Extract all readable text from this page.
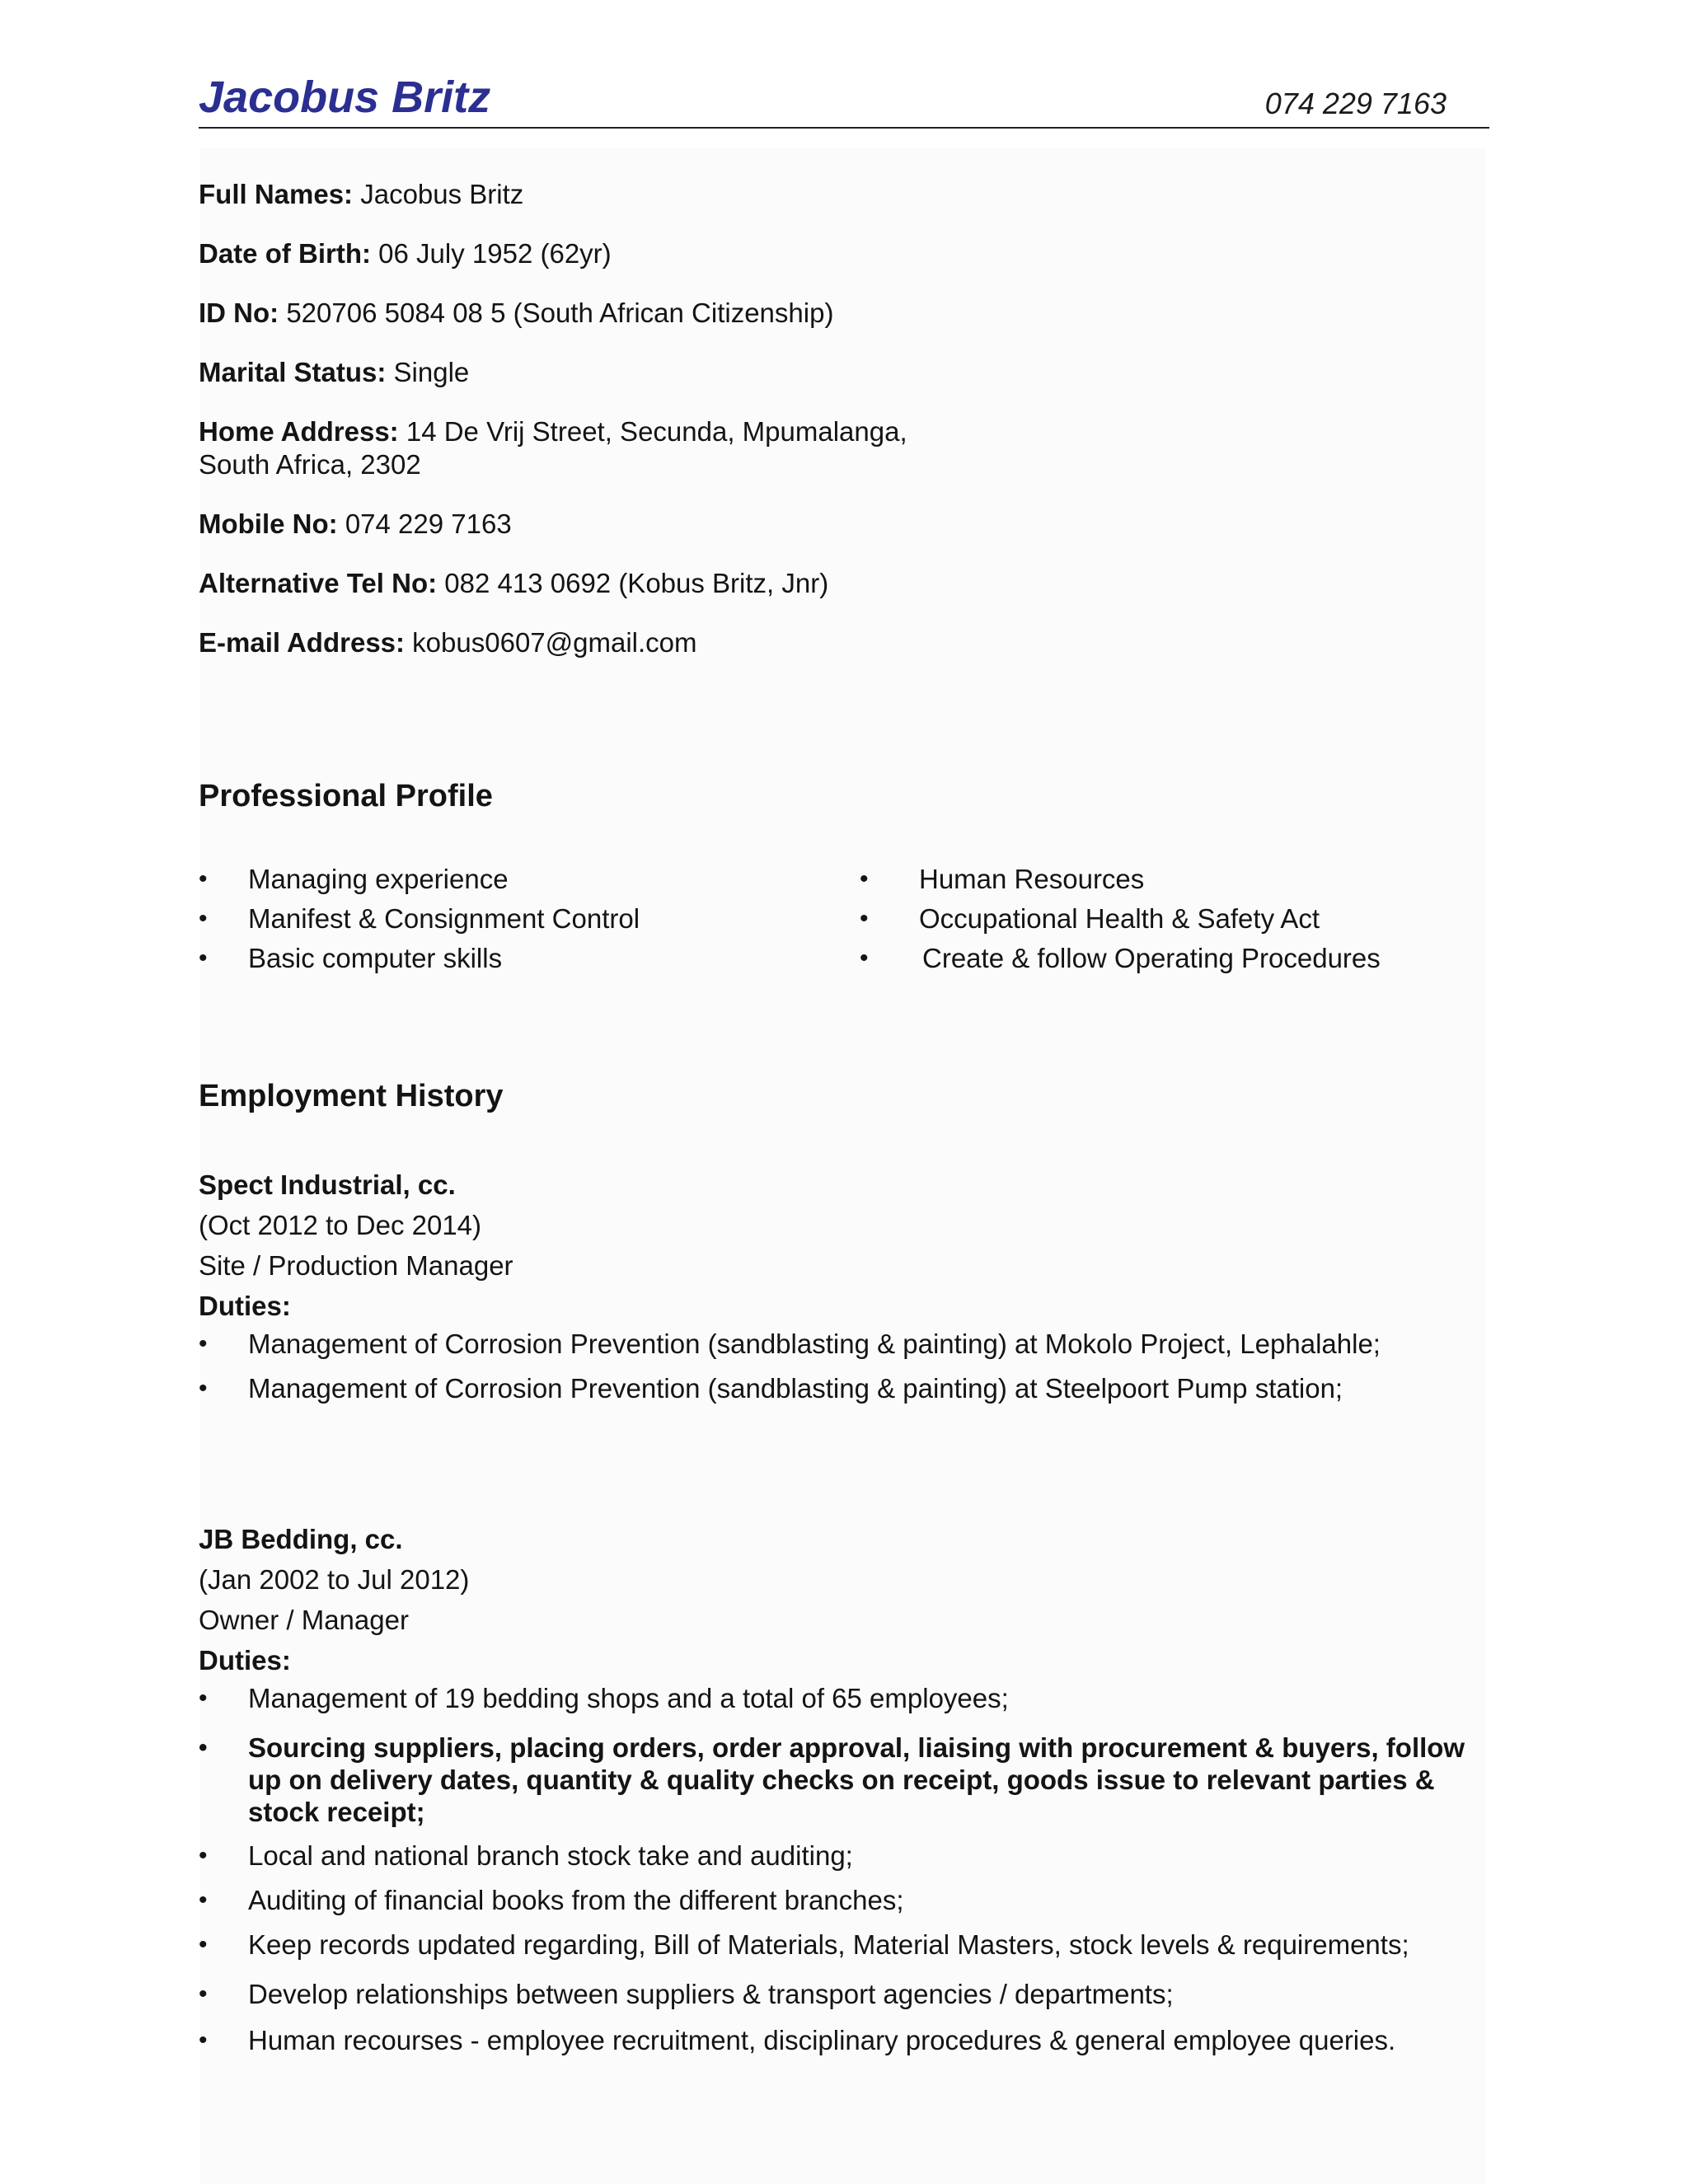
Jacobus Britz	074 229 7163
Full Names: Jacobus Britz
Date of Birth: 06 July 1952 (62yr)
ID No: 520706 5084 08 5 (South African Citizenship)
Marital Status: Single
Home Address: 14 De Vrij Street, Secunda, Mpumalanga,
South Africa, 2302
Mobile No: 074 229 7163
Alternative Tel No: 082 413 0692 (Kobus Britz, Jnr)
E-mail Address: kobus0607@gmail.com
Professional Profile
• Managing experience
• Manifest & Consignment Control
• Basic computer skills
• Human Resources
• Occupational Health & Safety Act
• Create & follow Operating Procedures
Employment History
Spect Industrial, cc.
(Oct 2012 to Dec 2014)
Site / Production Manager
Duties:
• Management of Corrosion Prevention (sandblasting & painting) at Mokolo Project, Lephalahle;
• Management of Corrosion Prevention (sandblasting & painting) at Steelpoort Pump station;
JB Bedding, cc.
(Jan 2002 to Jul 2012)
Owner / Manager
Duties:
• Management of 19 bedding shops and a total of 65 employees;
• Sourcing suppliers, placing orders, order approval, liaising with procurement & buyers, follow up on delivery dates, quantity & quality checks on receipt, goods issue to relevant parties & stock receipt;
• Local and national branch stock take and auditing;
• Auditing of financial books from the different branches;
• Keep records updated regarding, Bill of Materials, Material Masters, stock levels & requirements;
• Develop relationships between suppliers & transport agencies / departments;
• Human recourses - employee recruitment, disciplinary procedures & general employee queries.
